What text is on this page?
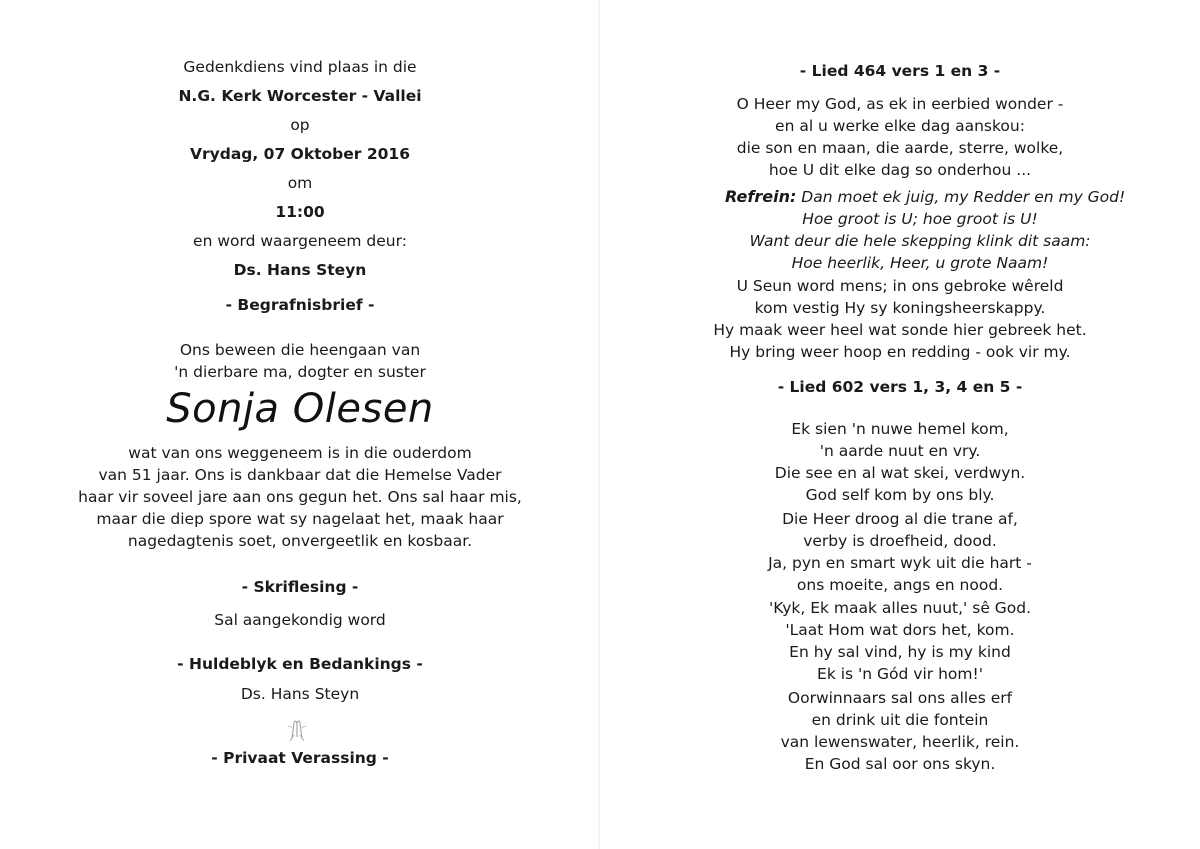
Gedenkdiens vind plaas in die
N.G. Kerk Worcester - Vallei
op
Vrydag, 07 Oktober 2016
om
11:00
en word waargeneem deur:
Ds. Hans Steyn
- Begrafnisbrief -
Ons beween die heengaan van
'n dierbare ma, dogter en suster
Sonja Olesen
wat van ons weggeneem is in die ouderdom
van 51 jaar. Ons is dankbaar dat die Hemelse Vader
haar vir soveel jare aan ons gegun het. Ons sal haar mis,
maar die diep spore wat sy nagelaat het, maak haar
nagedagtenis soet, onvergeetlik en kosbaar.
- Skriflesing -
Sal aangekondig word
- Huldeblyk en Bedankings -
Ds. Hans Steyn
- Privaat Verassing -
- Lied 464 vers 1 en 3 -
O Heer my God, as ek in eerbied wonder -
en al u werke elke dag aanskou:
die son en maan, die aarde, sterre, wolke,
hoe U dit elke dag so onderhou ...
Refrein: Dan moet ek juig, my Redder en my God!
Hoe groot is U; hoe groot is U!
Want deur die hele skepping klink dit saam:
Hoe heerlik, Heer, u grote Naam!
U Seun word mens; in ons gebroke wêreld
kom vestig Hy sy koningsheerskappy.
Hy maak weer heel wat sonde hier gebreek het.
Hy bring weer hoop en redding - ook vir my.
- Lied 602 vers 1, 3, 4 en 5 -
Ek sien 'n nuwe hemel kom,
'n aarde nuut en vry.
Die see en al wat skei, verdwyn.
God self kom by ons bly.
Die Heer droog al die trane af,
verby is droefheid, dood.
Ja, pyn en smart wyk uit die hart -
ons moeite, angs en nood.
'Kyk, Ek maak alles nuut,' sê God.
'Laat Hom wat dors het, kom.
En hy sal vind, hy is my kind
Ek is 'n Gód vir hom!'
Oorwinnaars sal ons alles erf
en drink uit die fontein
van lewenswater, heerlik, rein.
En God sal oor ons skyn.
